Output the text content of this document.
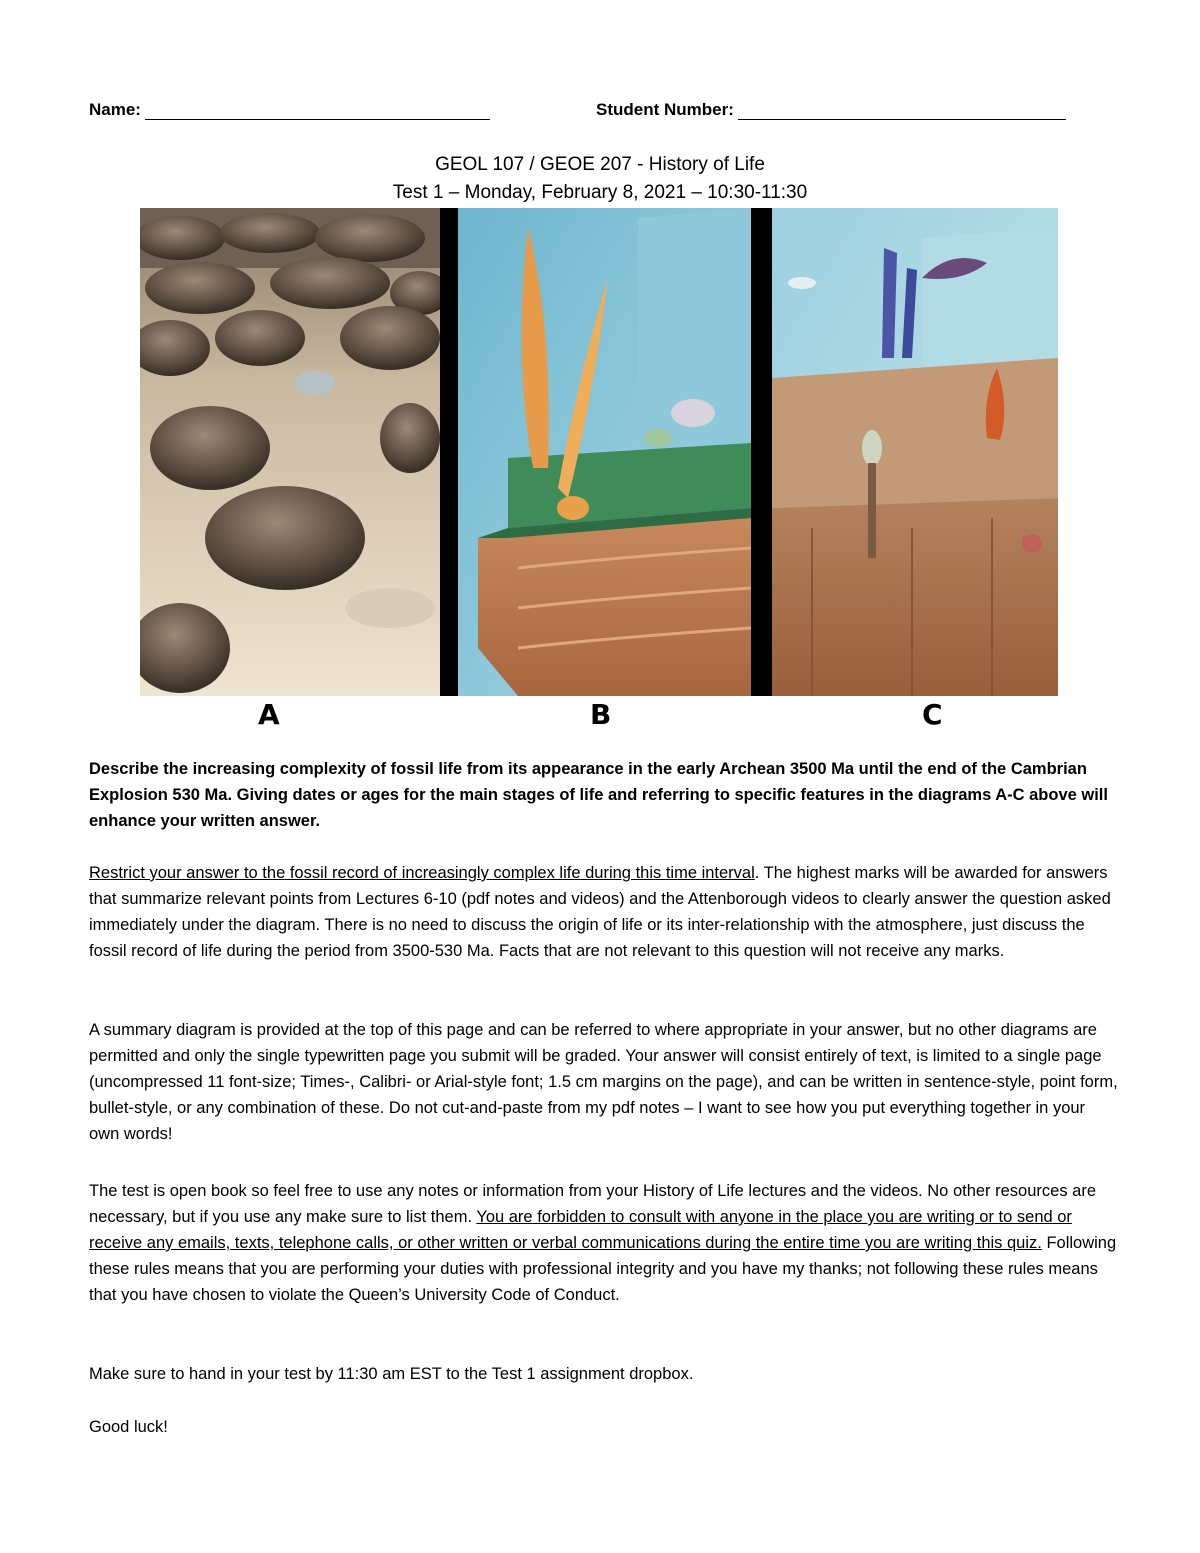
Name:	Student Number:
GEOL 107 / GEOE 207 - History of Life
Test 1 – Monday, February 8, 2021 – 10:30-11:30
A	B	C
Describe the increasing complexity of fossil life from its appearance in the early Archean 3500 Ma until the end of the Cambrian Explosion 530 Ma. Giving dates or ages for the main stages of life and referring to specific features in the diagrams A-C above will enhance your written answer.
Restrict your answer to the fossil record of increasingly complex life during this time interval. The highest marks will be awarded for answers that summarize relevant points from Lectures 6-10 (pdf notes and videos) and the Attenborough videos to clearly answer the question asked immediately under the diagram. There is no need to discuss the origin of life or its inter-relationship with the atmosphere, just discuss the fossil record of life during the period from 3500-530 Ma. Facts that are not relevant to this question will not receive any marks.
A summary diagram is provided at the top of this page and can be referred to where appropriate in your answer, but no other diagrams are permitted and only the single typewritten page you submit will be graded. Your answer will consist entirely of text, is limited to a single page (uncompressed 11 font-size; Times-, Calibri- or Arial-style font; 1.5 cm margins on the page), and can be written in sentence-style, point form, bullet-style, or any combination of these. Do not cut-and-paste from my pdf notes – I want to see how you put everything together in your own words!
The test is open book so feel free to use any notes or information from your History of Life lectures and the videos. No other resources are necessary, but if you use any make sure to list them. You are forbidden to consult with anyone in the place you are writing or to send or receive any emails, texts, telephone calls, or other written or verbal communications during the entire time you are writing this quiz. Following these rules means that you are performing your duties with professional integrity and you have my thanks; not following these rules means that you have chosen to violate the Queen’s University Code of Conduct.
Make sure to hand in your test by 11:30 am EST to the Test 1 assignment dropbox.
Good luck!
